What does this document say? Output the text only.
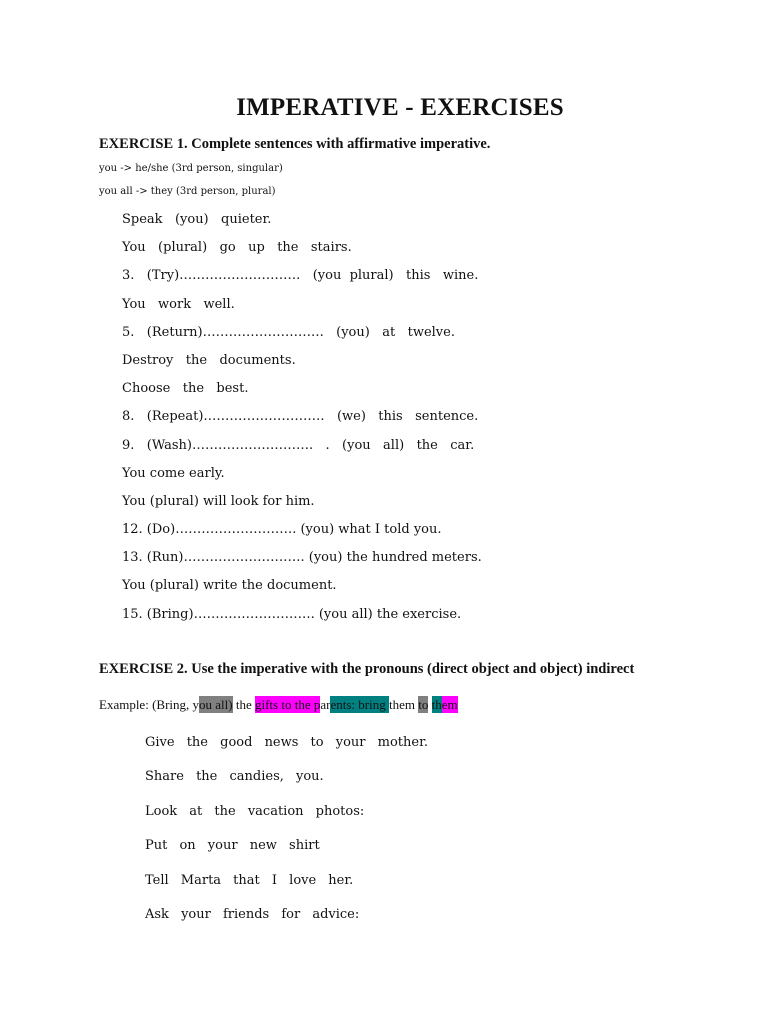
IMPERATIVE - EXERCISES
EXERCISE 1. Complete sentences with affirmative imperative.
you -> he/she (3rd person, singular)
you all -> they (3rd person, plural)
Speak   (you)   quieter.
You   (plural)   go   up   the   stairs.
3.   (Try)……………………….   (you  plural)   this   wine.
You   work   well.
5.   (Return)……………………….   (you)   at   twelve.
Destroy   the   documents.
Choose   the   best.
8.   (Repeat)……………………….   (we)   this   sentence.
9.   (Wash)……………………….   .   (you   all)   the   car.
You come early.
You (plural) will look for him.
12. (Do)………………………. (you) what I told you.
13. (Run)………………………. (you) the hundred meters.
You (plural) write the document.
15. (Bring)………………………. (you all) the exercise.
EXERCISE 2. Use the imperative with the pronouns (direct object and object) indirect
Example: (Bring, you all) the gifts to the parents: bring them to them
Give the good news to your mother.
Share the candies, you.
Look at the vacation photos:
Put on your new shirt
Tell Marta that I love her.
Ask your friends for advice:
